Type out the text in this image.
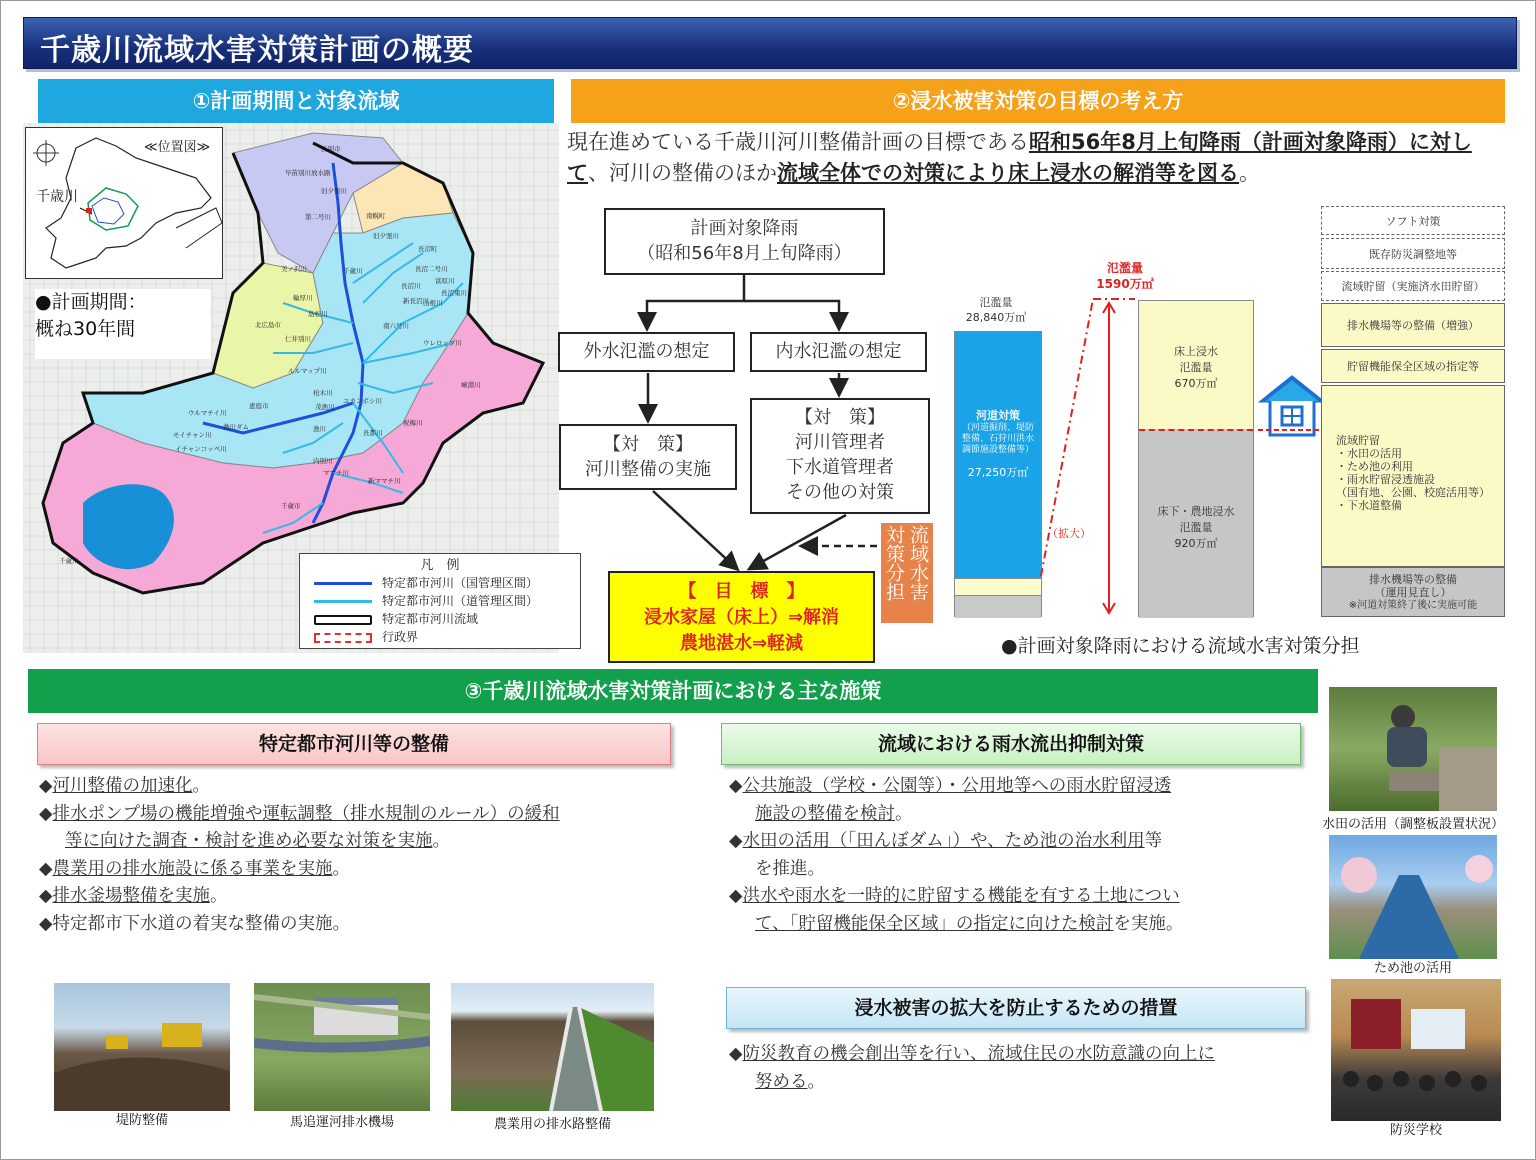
千歳川流域水害対策計画の概要
①計画期間と対象流域
江別市
早苗別川放水路
旧夕張川
南幌町
第二号川
長沼町
旧夕張川
美ノ沢川	千歳川	長沼二号川
富原川
長沼川
長沼東川
新長沼川
山根川
輪厚川
北広島市
島松川
仁井別川
南六号川
ウレロップ川
ルルマップ川
柏木川
茂漁川
ユカンボシ川
恵庭市
ウルマチイ川
漁川ダム
モイチャン川
イチャンコッペ川
漁川	長都川
祝梅川
内別川
ママチ川
新ママチ川
千歳市
嶮淵川
千歳川
≪位置図≫
千歳川
●計画期間：
概ね30年間
凡　例
特定都市河川（国管理区間）
特定都市河川（道管理区間）
特定都市河川流域
行政界
②浸水被害対策の目標の考え方
現在進めている千歳川河川整備計画の目標である昭和56年8月上旬降雨（計画対象降雨）に対して、河川の整備のほか流域全体での対策により床上浸水の解消等を図る。
計画対象降雨
（昭和56年8月上旬降雨）
外水氾濫の想定	内水氾濫の想定
【対　策】
河川整備の実施
【対　策】
河川管理者
下水道管理者
その他の対策
【　目　標　】
浸水家屋（床上）⇒解消
農地湛水⇒軽減
流域水害
対策分担
氾濫量
28,840万㎥
河道対策
（河道掘削、堤防整備、石狩川洪水調節施設整備等）
27,250万㎥
氾濫量
1590万㎥
（拡大）
床上浸水
氾濫量
670万㎥
床下・農地浸水
氾濫量
920万㎥
ソフト対策
既存防災調整地等
流域貯留（実施済水田貯留）
排水機場等の整備（増強）
貯留機能保全区域の指定等
流域貯留
・水田の活用
・ため池の利用
・雨水貯留浸透施設
（国有地、公園、校庭活用等）
・下水道整備
排水機場等の整備
（運用見直し）
※河道対策終了後に実施可能
●計画対象降雨における流域水害対策分担
③千歳川流域水害対策計画における主な施策
特定都市河川等の整備	流域における雨水流出抑制対策
浸水被害の拡大を防止するための措置
◆河川整備の加速化。
◆排水ポンプ場の機能増強や運転調整（排水規制のルール）の緩和
等に向けた調査・検討を進め必要な対策を実施。
◆農業用の排水施設に係る事業を実施。
◆排水釜場整備を実施。
◆特定都市下水道の着実な整備の実施。
◆公共施設（学校・公園等）・公用地等への雨水貯留浸透
施設の整備を検討。
◆水田の活用（「田んぼダム」）や、ため池の治水利用等
を推進。
◆洪水や雨水を一時的に貯留する機能を有する土地につい
て、「貯留機能保全区域」の指定に向けた検討を実施。
◆防災教育の機会創出等を行い、流域住民の水防意識の向上に
努める。
堤防整備	馬追運河排水機場	農業用の排水路整備
水田の活用（調整板設置状況）
ため池の活用
防災学校
